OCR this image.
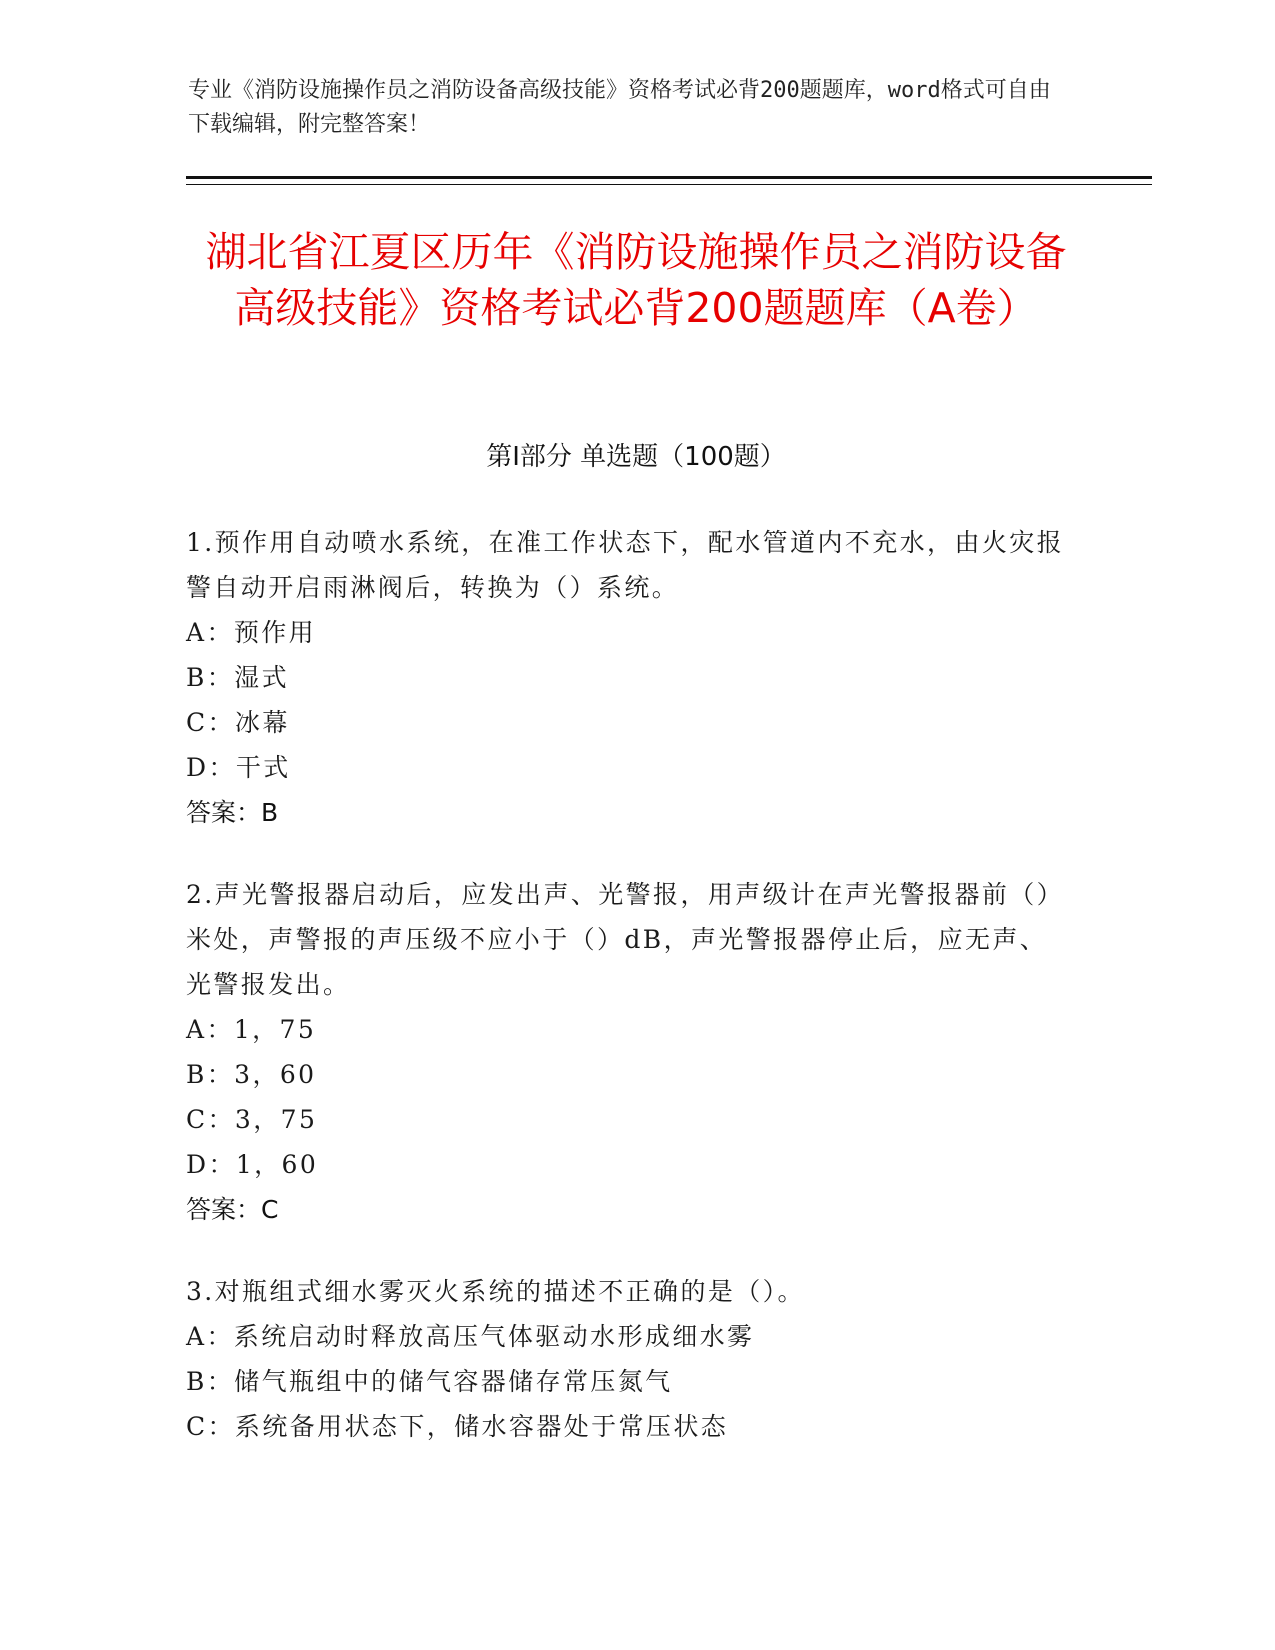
专业《消防设施操作员之消防设备高级技能》资格考试必背200题题库，word格式可自由下载编辑，附完整答案！
湖北省江夏区历年《消防设施操作员之消防设备高级技能》资格考试必背200题题库（A卷）
第Ⅰ部分 单选题（100题）
1.预作用自动喷水系统，在准工作状态下，配水管道内不充水，由火灾报警自动开启雨淋阀后，转换为（）系统。
A：预作用
B：湿式
C：冰幕
D：干式
答案：B
2.声光警报器启动后，应发出声、光警报，用声级计在声光警报器前（）米处，声警报的声压级不应小于（）dB，声光警报器停止后，应无声、光警报发出。
A：1，75
B：3，60
C：3，75
D：1，60
答案：C
3.对瓶组式细水雾灭火系统的描述不正确的是（）。
A：系统启动时释放高压气体驱动水形成细水雾
B：储气瓶组中的储气容器储存常压氮气
C：系统备用状态下，储水容器处于常压状态
